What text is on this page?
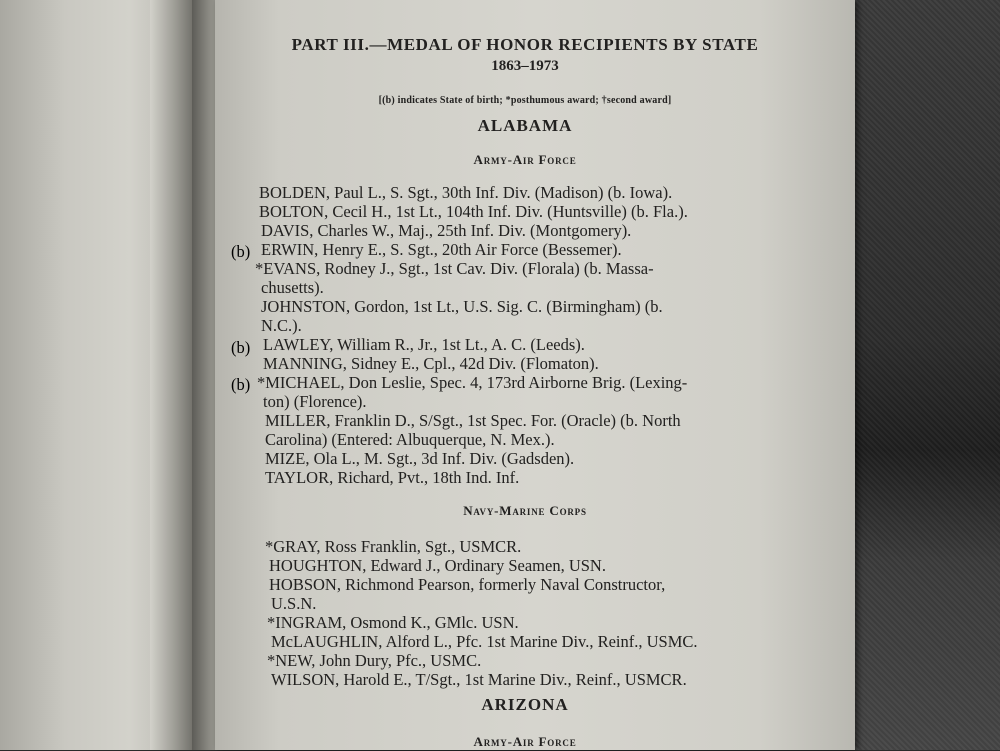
PART III.—MEDAL OF HONOR RECIPIENTS BY STATE
1863–1973
[(b) indicates State of birth; *posthumous award; †second award]
ALABAMA
Army-Air Force
BOLDEN, Paul L., S. Sgt., 30th Inf. Div. (Madison) (b. Iowa).
BOLTON, Cecil H., 1st Lt., 104th Inf. Div. (Huntsville) (b. Fla.).
DAVIS, Charles W., Maj., 25th Inf. Div. (Montgomery).
(b) ERWIN, Henry E., S. Sgt., 20th Air Force (Bessemer).
*EVANS, Rodney J., Sgt., 1st Cav. Div. (Florala) (b. Massa-
chusetts).
JOHNSTON, Gordon, 1st Lt., U.S. Sig. C. (Birmingham) (b.
N.C.).
(b) LAWLEY, William R., Jr., 1st Lt., A. C. (Leeds).
MANNING, Sidney E., Cpl., 42d Div. (Flomaton).
(b) *MICHAEL, Don Leslie, Spec. 4, 173rd Airborne Brig. (Lexing-
ton) (Florence).
MILLER, Franklin D., S/Sgt., 1st Spec. For. (Oracle) (b. North
Carolina) (Entered: Albuquerque, N. Mex.).
MIZE, Ola L., M. Sgt., 3d Inf. Div. (Gadsden).
TAYLOR, Richard, Pvt., 18th Ind. Inf.
Navy-Marine Corps
*GRAY, Ross Franklin, Sgt., USMCR.
HOUGHTON, Edward J., Ordinary Seamen, USN.
HOBSON, Richmond Pearson, formerly Naval Constructor,
U.S.N.
*INGRAM, Osmond K., GMlc. USN.
McLAUGHLIN, Alford L., Pfc. 1st Marine Div., Reinf., USMC.
*NEW, John Dury, Pfc., USMC.
WILSON, Harold E., T/Sgt., 1st Marine Div., Reinf., USMCR.
ARIZONA
Army-Air Force
